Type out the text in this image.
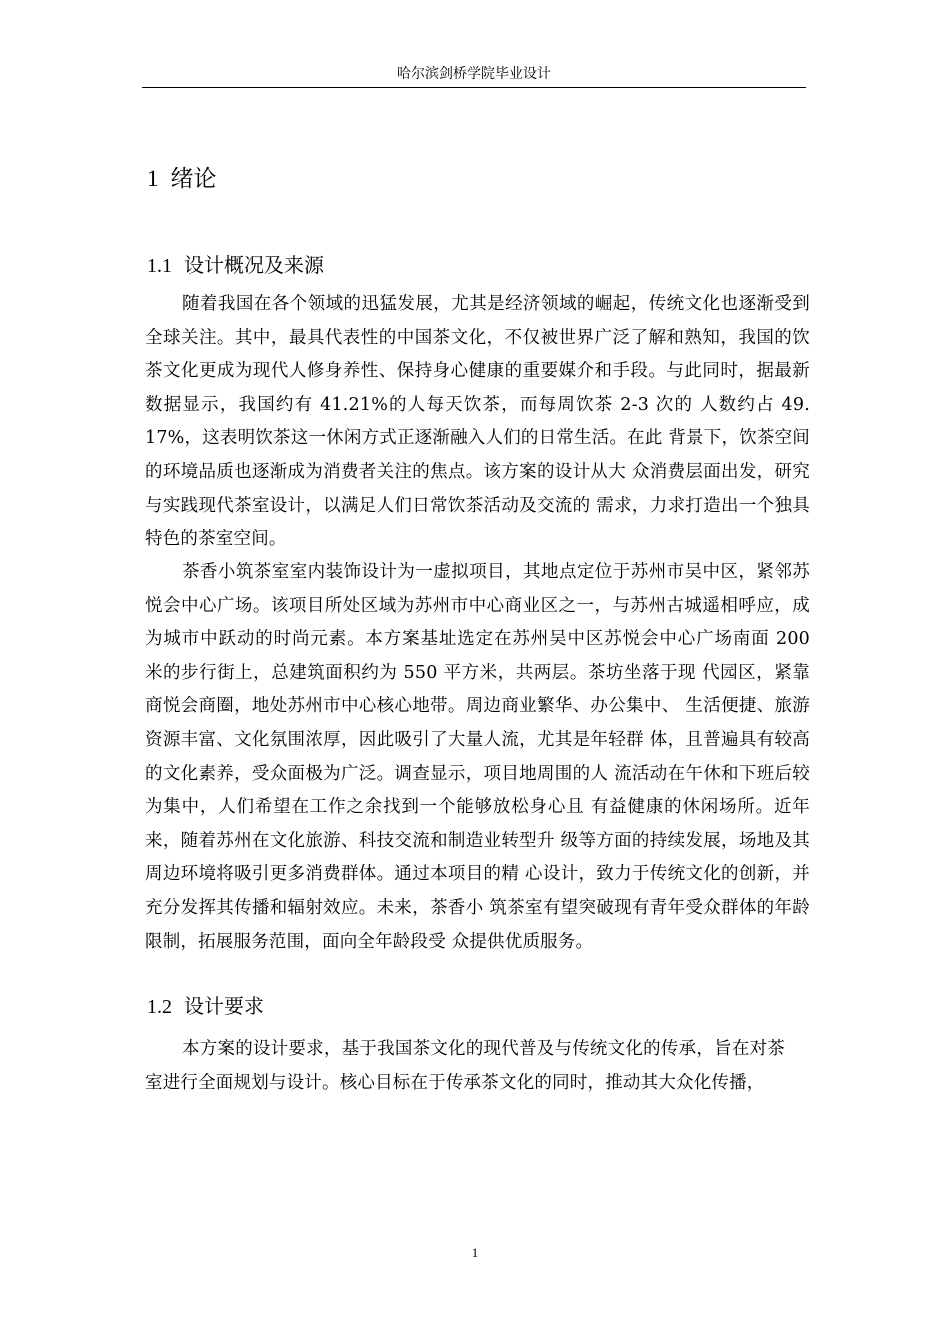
哈尔滨剑桥学院毕业设计
1 绪论
1.1 设计概况及来源

随着我国在各个领域的迅猛发展，尤其是经济领域的崛起，传统文化也逐渐受到全球关注。其中，最具代表性的中国茶文化，不仅被世界广泛了解和熟知，我国的饮茶文化更成为现代人修身养性、保持身心健康的重要媒介和手段。与此同时，据最新数据显示，我国约有 41.21%的人每天饮茶，而每周饮茶 2-3 次的 人数约占 49. 17%，这表明饮茶这一休闲方式正逐渐融入人们的日常生活。在此 背景下，饮茶空间的环境品质也逐渐成为消费者关注的焦点。该方案的设计从大 众消费层面出发，研究与实践现代茶室设计，以满足人们日常饮茶活动及交流的 需求，力求打造出一个独具特色的茶室空间。

茶香小筑茶室室内装饰设计为一虚拟项目，其地点定位于苏州市吴中区，紧邻苏悦会中心广场。该项目所处区域为苏州市中心商业区之一，与苏州古城遥相呼应，成为城市中跃动的时尚元素。本方案基址选定在苏州吴中区苏悦会中心广场南面 200 米的步行街上，总建筑面积约为 550 平方米，共两层。茶坊坐落于现 代园区，紧靠商悦会商圈，地处苏州市中心核心地带。周边商业繁华、办公集中、 生活便捷、旅游资源丰富、文化氛围浓厚，因此吸引了大量人流，尤其是年轻群 体，且普遍具有较高的文化素养，受众面极为广泛。调查显示，项目地周围的人 流活动在午休和下班后较为集中，人们希望在工作之余找到一个能够放松身心且 有益健康的休闲场所。近年来，随着苏州在文化旅游、科技交流和制造业转型升 级等方面的持续发展，场地及其周边环境将吸引更多消费群体。通过本项目的精 心设计，致力于传统文化的创新，并充分发挥其传播和辐射效应。未来，茶香小 筑茶室有望突破现有青年受众群体的年龄限制，拓展服务范围，面向全年龄段受 众提供优质服务。

1.2 设计要求

本方案的设计要求，基于我国茶文化的现代普及与传统文化的传承，旨在对茶室进行全面规划与设计。核心目标在于传承茶文化的同时，推动其大众化传播，

1
